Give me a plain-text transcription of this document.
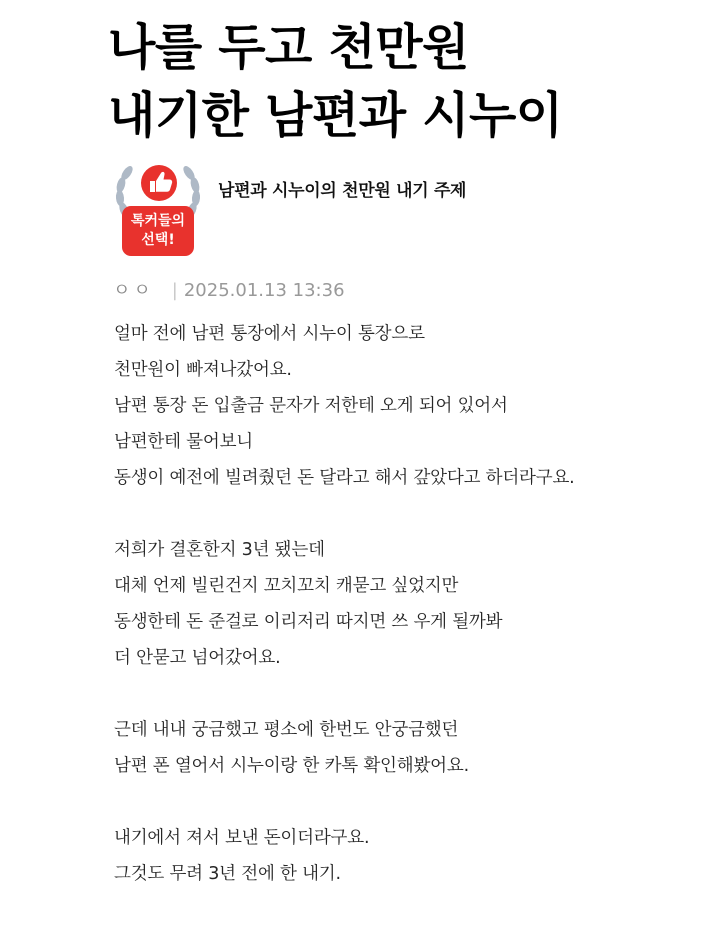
나를 두고 천만원
내기한 남편과 시누이
톡커들의
선택!
남편과 시누이의 천만원 내기 주제
ㅇㅇ | 2025.01.13 13:36
얼마 전에 남편 통장에서 시누이 통장으로
천만원이 빠져나갔어요.
남편 통장 돈 입출금 문자가 저한테 오게 되어 있어서
남편한테 물어보니
동생이 예전에 빌려줬던 돈 달라고 해서 갚았다고 하더라구요.
저희가 결혼한지 3년 됐는데
대체 언제 빌린건지 꼬치꼬치 캐묻고 싶었지만
동생한테 돈 준걸로 이리저리 따지면 쓰 우게 될까봐
더 안묻고 넘어갔어요.
근데 내내 궁금했고 평소에 한번도 안궁금했던
남편 폰 열어서 시누이랑 한 카톡 확인해봤어요.
내기에서 져서 보낸 돈이더라구요.
그것도 무려 3년 전에 한 내기.
